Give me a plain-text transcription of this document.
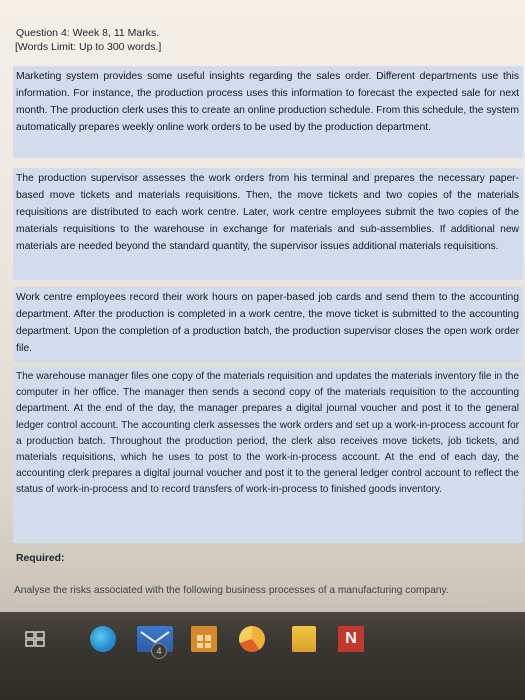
Question 4: Week 8, 11 Marks.
[Words Limit: Up to 300 words.]

Marketing system provides some useful insights regarding the sales order. Different departments use this information. For instance, the production process uses this information to forecast the expected sale for next month. The production clerk uses this to create an online production schedule. From this schedule, the system automatically prepares weekly online work orders to be used by the production department.

The production supervisor assesses the work orders from his terminal and prepares the necessary paper-based move tickets and materials requisitions. Then, the move tickets and two copies of the materials requisitions are distributed to each work centre. Later, work centre employees submit the two copies of the materials requisitions to the warehouse in exchange for materials and sub-assemblies. If additional new materials are needed beyond the standard quantity, the supervisor issues additional materials requisitions.

Work centre employees record their work hours on paper-based job cards and send them to the accounting department. After the production is completed in a work centre, the move ticket is submitted to the accounting department. Upon the completion of a production batch, the production supervisor closes the open work order file.

The warehouse manager files one copy of the materials requisition and updates the materials inventory file in the computer in her office. The manager then sends a second copy of the materials requisition to the accounting department. At the end of the day, the manager prepares a digital journal voucher and post it to the general ledger control account. The accounting clerk assesses the work orders and set up a work-in-process account for a production batch. Throughout the production period, the clerk also receives move tickets, job tickets, and materials requisitions, which he uses to post to the work-in-process account. At the end of each day, the accounting clerk prepares a digital journal voucher and post it to the general ledger control account to reflect the status of work-in-process and to record transfers of work-in-process to finished goods inventory.

Required:
Analyse the risks associated with the following business processes of a manufacturing company.
4
N
